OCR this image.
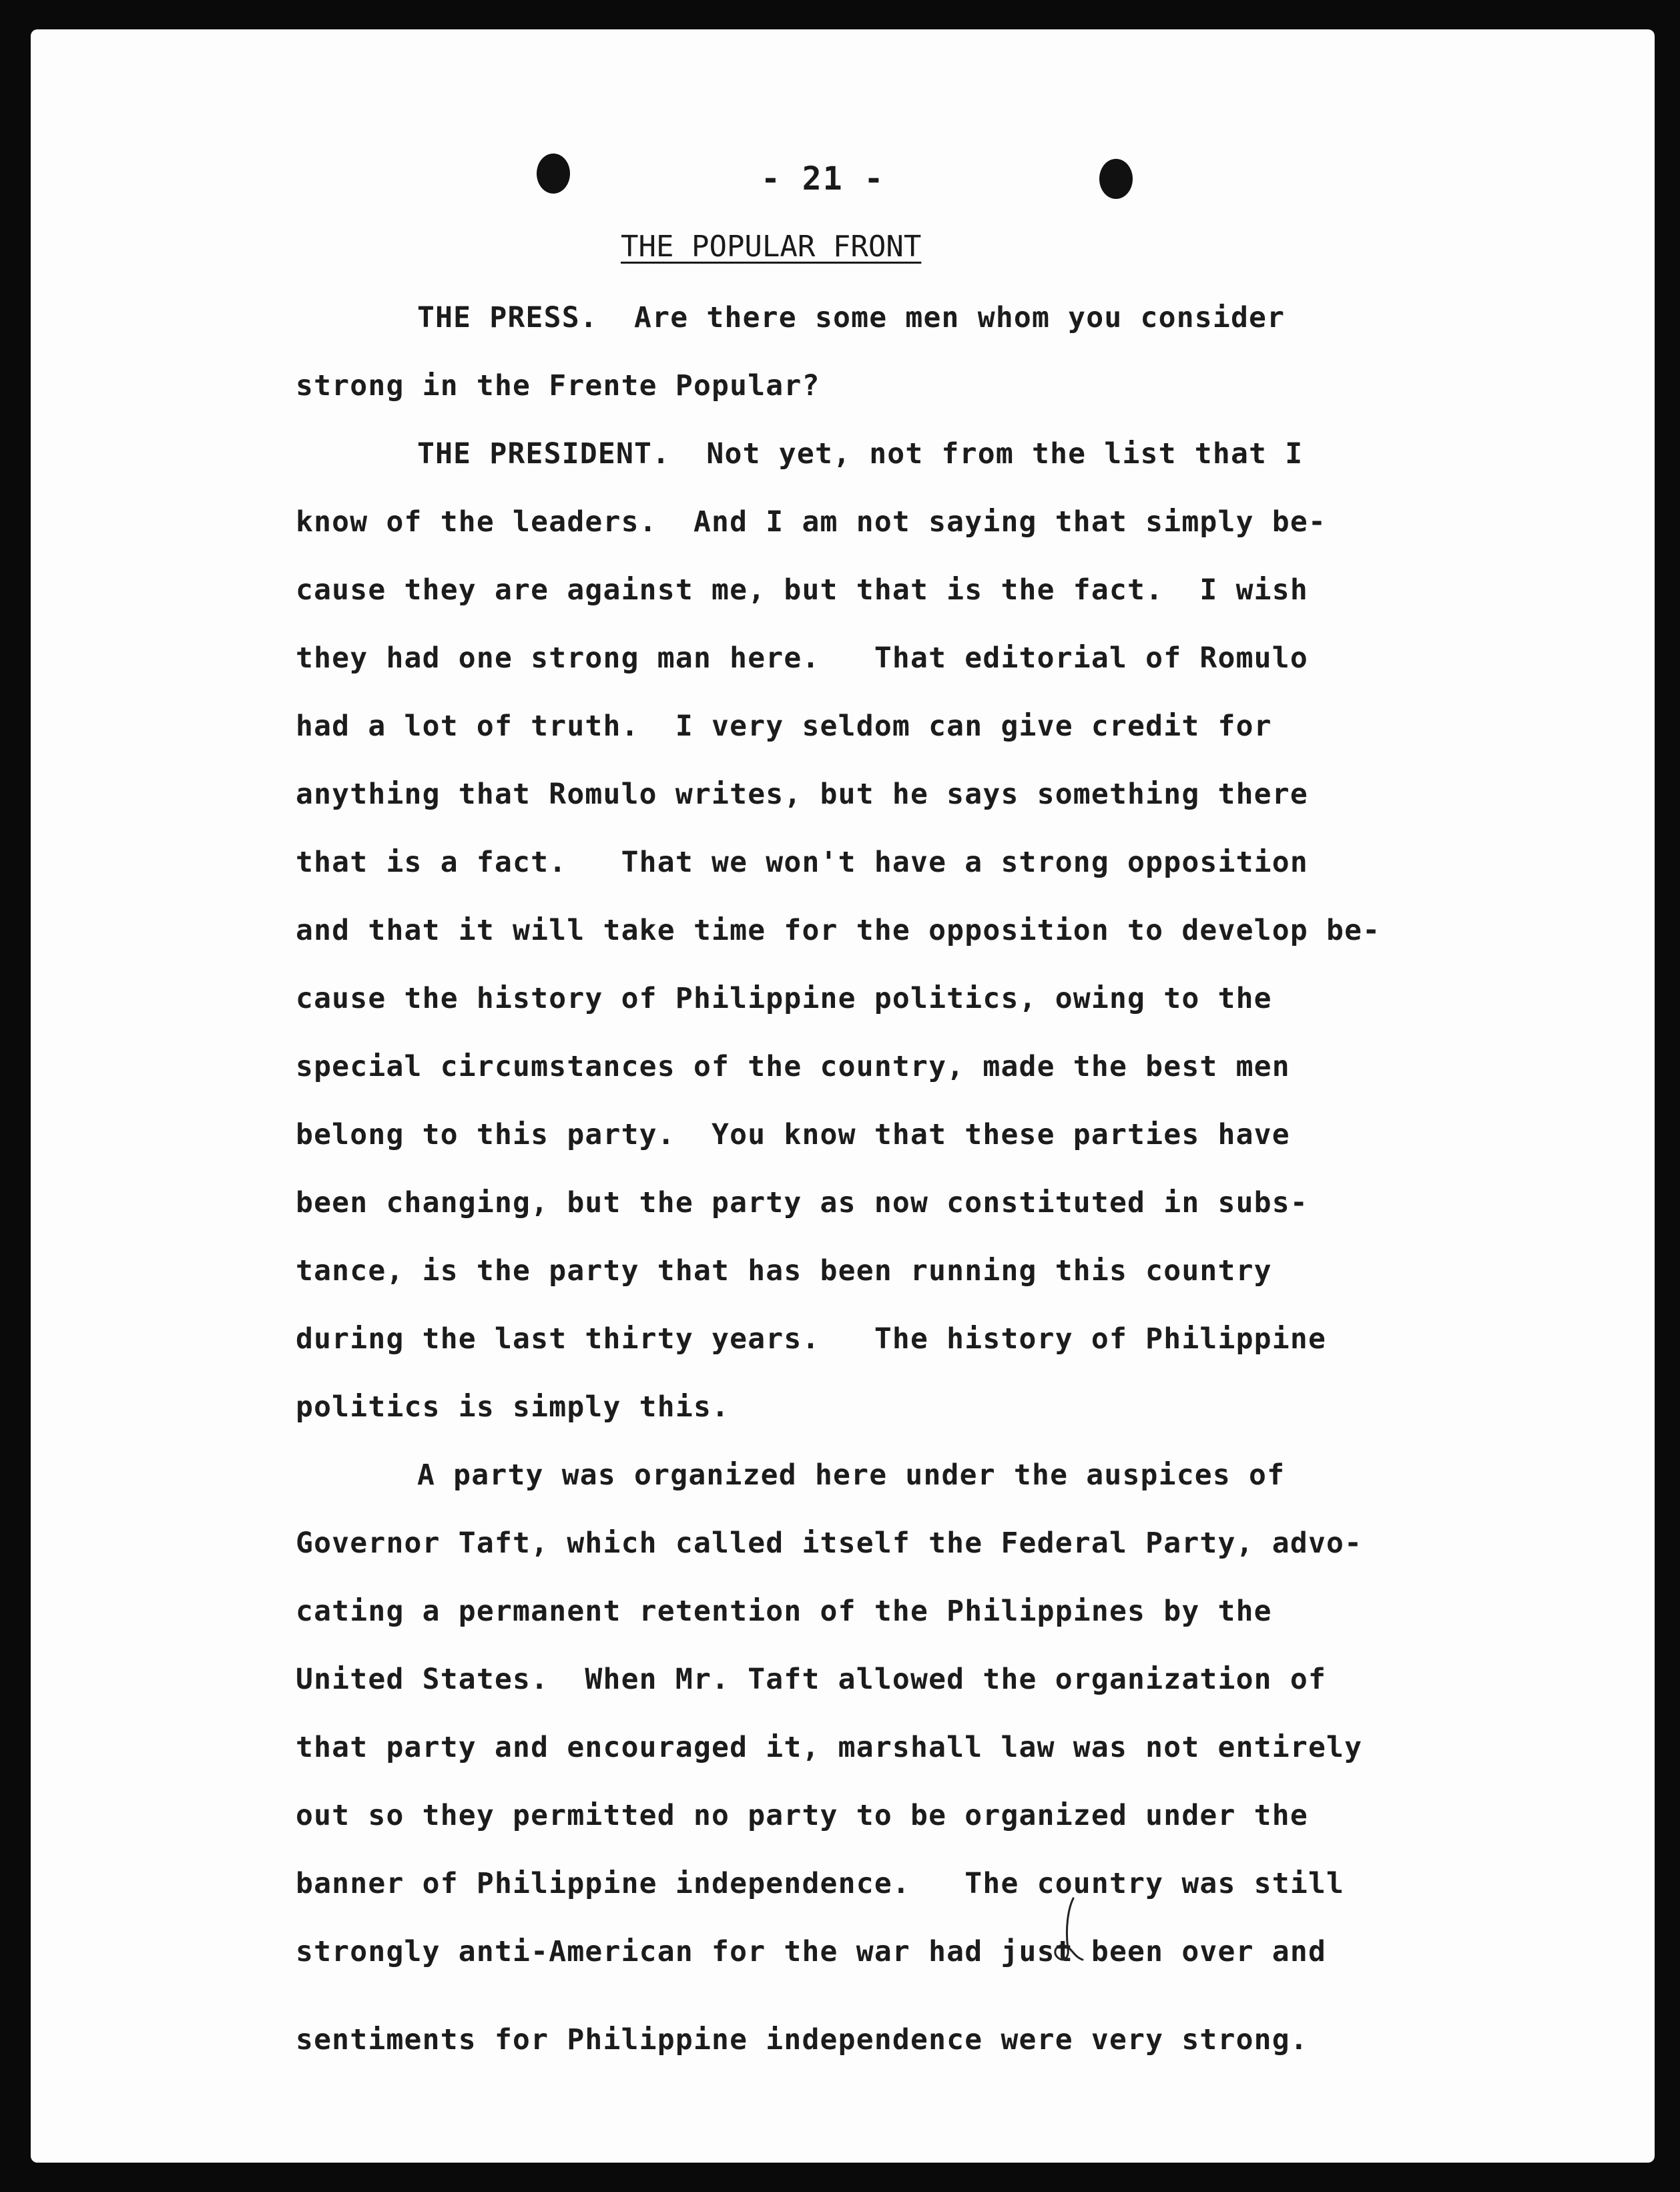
- 21 -
THE POPULAR FRONT
THE PRESS.  Are there some men whom you consider
strong in the Frente Popular?
THE PRESIDENT.  Not yet, not from the list that I
know of the leaders.  And I am not saying that simply be-
cause they are against me, but that is the fact.  I wish
they had one strong man here.   That editorial of Romulo
had a lot of truth.  I very seldom can give credit for
anything that Romulo writes, but he says something there
that is a fact.   That we won't have a strong opposition
and that it will take time for the opposition to develop be-
cause the history of Philippine politics, owing to the
special circumstances of the country, made the best men
belong to this party.  You know that these parties have
been changing, but the party as now constituted in subs-
tance, is the party that has been running this country
during the last thirty years.   The history of Philippine
politics is simply this.
A party was organized here under the auspices of
Governor Taft, which called itself the Federal Party, advo-
cating a permanent retention of the Philippines by the
United States.  When Mr. Taft allowed the organization of
that party and encouraged it, marshall law was not entirely
out so they permitted no party to be organized under the
banner of Philippine independence.   The country was still
strongly anti-American for the war had just been over and
sentiments for Philippine independence were very strong.
